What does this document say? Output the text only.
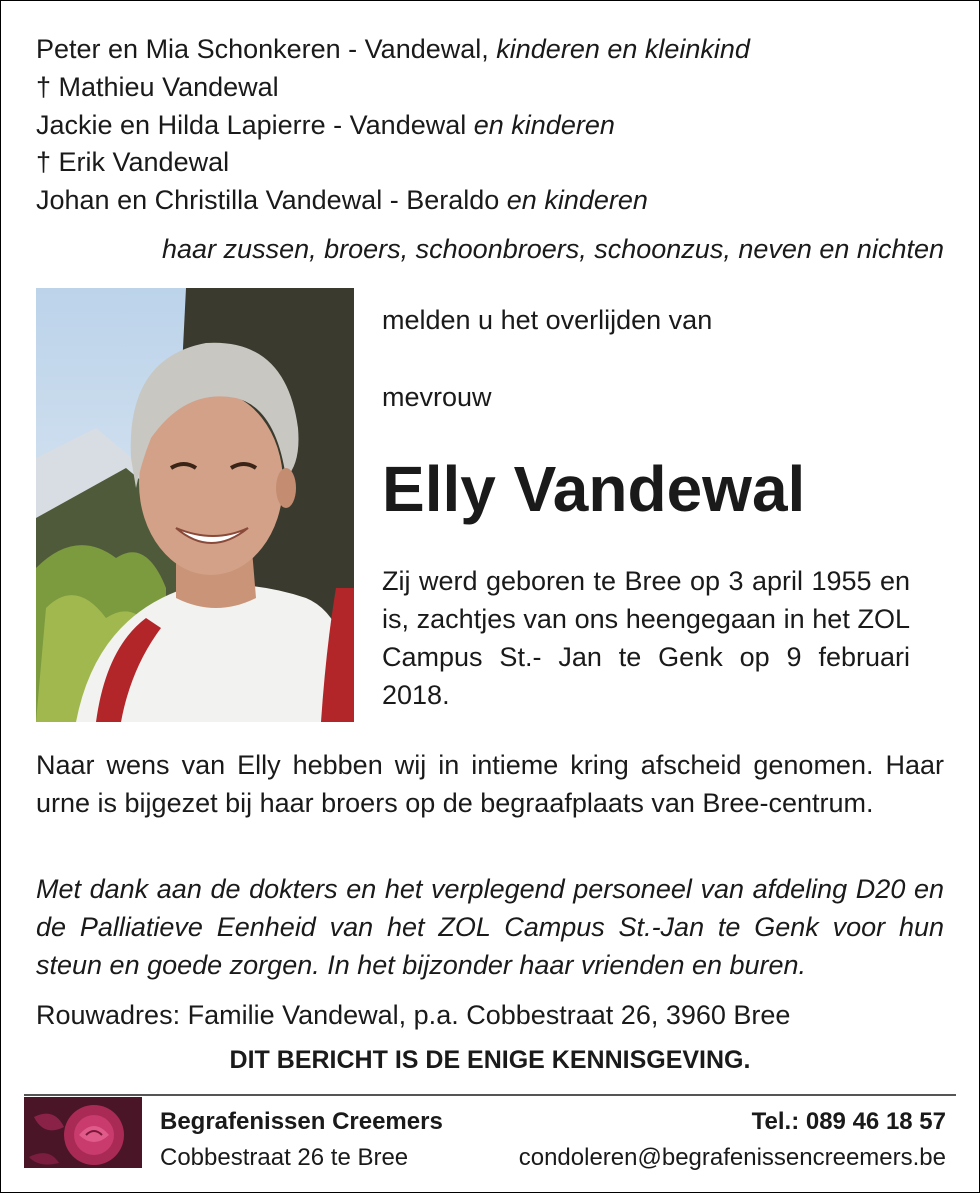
Peter en Mia Schonkeren - Vandewal, kinderen en kleinkind
† Mathieu Vandewal
Jackie en Hilda Lapierre - Vandewal en kinderen
† Erik Vandewal
Johan en Christilla Vandewal - Beraldo en kinderen
haar zussen, broers, schoonbroers, schoonzus, neven en nichten
melden u het overlijden van
mevrouw
Elly Vandewal
Zij werd geboren te Bree op 3 april 1955 en is, zachtjes van ons heengegaan in het ZOL Campus St.- Jan te Genk op 9 februari 2018.
Naar wens van Elly hebben wij in intieme kring afscheid genomen. Haar urne is bijgezet bij haar broers op de begraafplaats van Bree-centrum.
Met dank aan de dokters en het verplegend personeel van afdeling D20 en de Palliatieve Eenheid van het ZOL Campus St.-Jan te Genk voor hun steun en goede zorgen. In het bijzonder haar vrienden en buren.
Rouwadres: Familie Vandewal, p.a. Cobbestraat 26, 3960 Bree
DIT BERICHT IS DE ENIGE KENNISGEVING.
Begrafenissen Creemers
Cobbestraat 26 te Bree
Tel.: 089 46 18 57
condoleren@begrafenissencreemers.be
